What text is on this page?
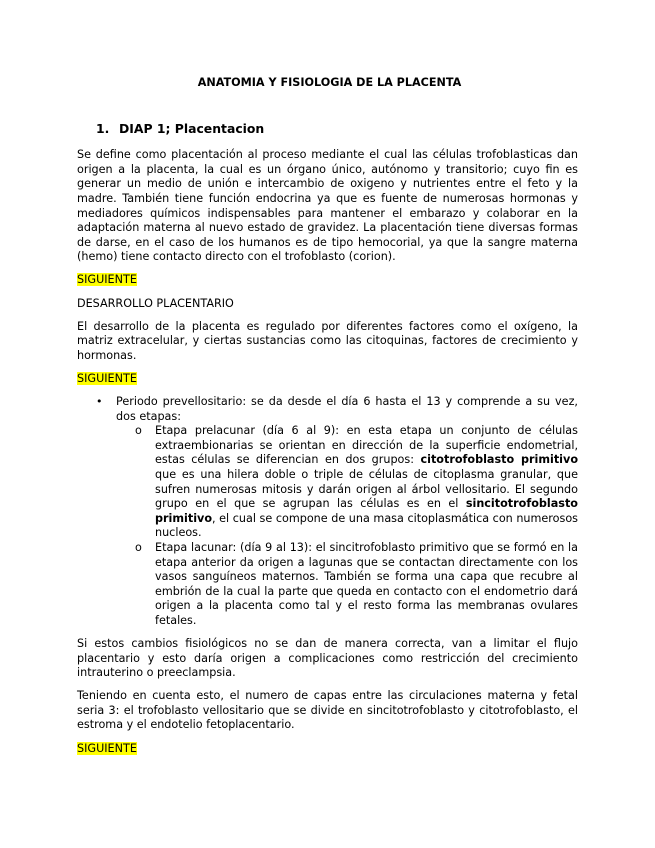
ANATOMIA Y FISIOLOGIA DE LA PLACENTA
1. DIAP 1; Placentacion

Se define como placentación al proceso mediante el cual las células trofoblasticas dan origen a la placenta, la cual es un órgano único, autónomo y transitorio; cuyo fin es generar un medio de unión e intercambio de oxigeno y nutrientes entre el feto y la madre. También tiene función endocrina ya que es fuente de numerosas hormonas y mediadores químicos indispensables para mantener el embarazo y colaborar en la adaptación materna al nuevo estado de gravidez. La placentación tiene diversas formas de darse, en el caso de los humanos es de tipo hemocorial, ya que la sangre materna (hemo) tiene contacto directo con el trofoblasto (corion).

SIGUIENTE

DESARROLLO PLACENTARIO

El desarrollo de la placenta es regulado por diferentes factores como el oxígeno, la matriz extracelular, y ciertas sustancias como las citoquinas, factores de crecimiento y hormonas.

SIGUIENTE
• Periodo prevellositario: se da desde el día 6 hasta el 13 y comprende a su vez, dos etapas:
o Etapa prelacunar (día 6 al 9): en esta etapa un conjunto de células extraembionarias se orientan en dirección de la superficie endometrial, estas células se diferencian en dos grupos: citotrofoblasto primitivo que es una hilera doble o triple de células de citoplasma granular, que sufren numerosas mitosis y darán origen al árbol vellositario. El segundo grupo en el que se agrupan las células es en el sincitotrofoblasto primitivo, el cual se compone de una masa citoplasmática con numerosos nucleos.
o Etapa lacunar: (día 9 al 13): el sincitrofoblasto primitivo que se formó en la etapa anterior da origen a lagunas que se contactan directamente con los vasos sanguíneos maternos. También se forma una capa que recubre al embrión de la cual la parte que queda en contacto con el endometrio dará origen a la placenta como tal y el resto forma las membranas ovulares fetales.

Si estos cambios fisiológicos no se dan de manera correcta, van a limitar el flujo placentario y esto daría origen a complicaciones como restricción del crecimiento intrauterino o preeclampsia.

Teniendo en cuenta esto, el numero de capas entre las circulaciones materna y fetal seria 3: el trofoblasto vellositario que se divide en sincitotrofoblasto y citotrofoblasto, el estroma y el endotelio fetoplacentario.

SIGUIENTE
